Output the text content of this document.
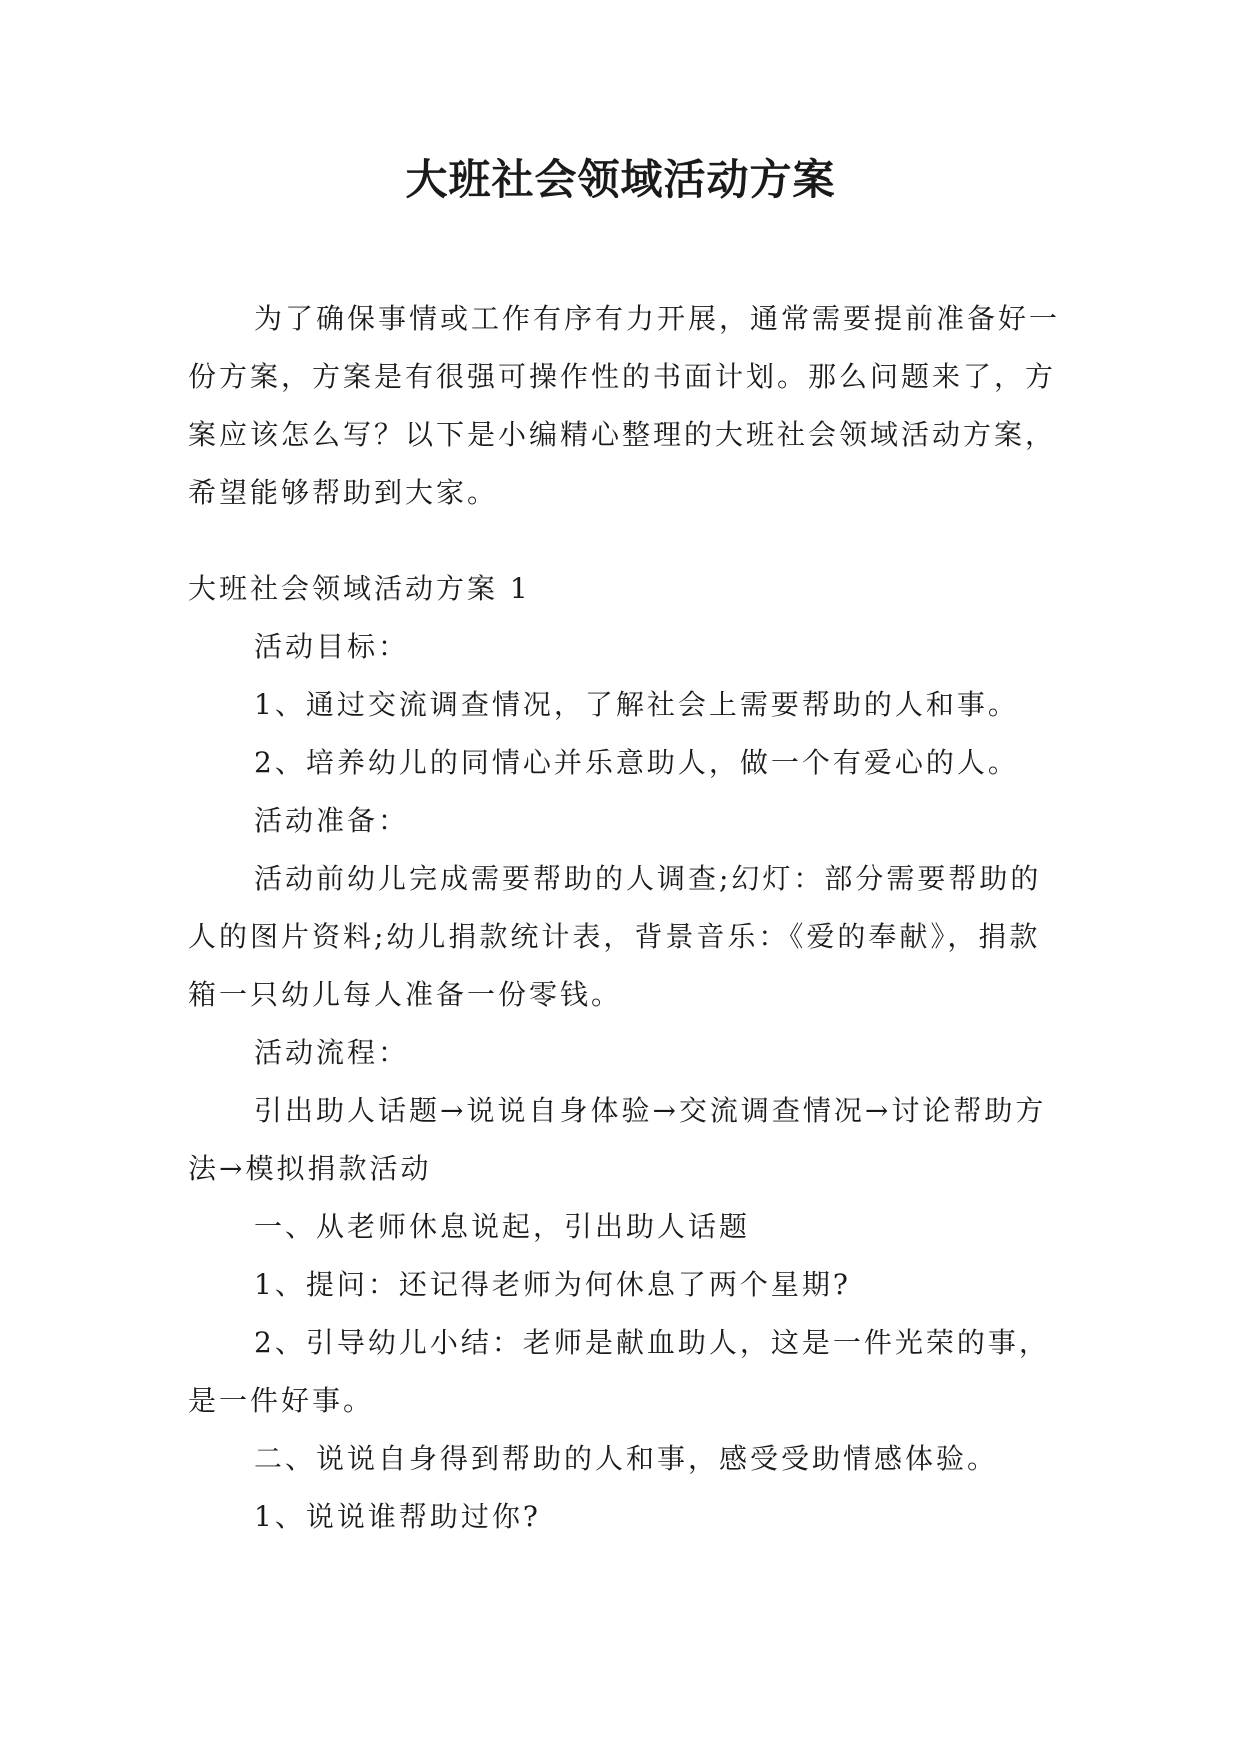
大班社会领域活动方案

为了确保事情或工作有序有力开展，通常需要提前准备好一份方案，方案是有很强可操作性的书面计划。那么问题来了，方案应该怎么写？以下是小编精心整理的大班社会领域活动方案，希望能够帮助到大家。

大班社会领域活动方案 1

活动目标：

1、通过交流调查情况，了解社会上需要帮助的人和事。

2、培养幼儿的同情心并乐意助人，做一个有爱心的人。

活动准备：

活动前幼儿完成需要帮助的人调查;幻灯：部分需要帮助的人的图片资料;幼儿捐款统计表，背景音乐：《爱的奉献》，捐款箱一只幼儿每人准备一份零钱。

活动流程：

引出助人话题→说说自身体验→交流调查情况→讨论帮助方法→模拟捐款活动

一、从老师休息说起，引出助人话题

1、提问：还记得老师为何休息了两个星期?

2、引导幼儿小结：老师是献血助人，这是一件光荣的事，是一件好事。

二、说说自身得到帮助的人和事，感受受助情感体验。

1、说说谁帮助过你?
